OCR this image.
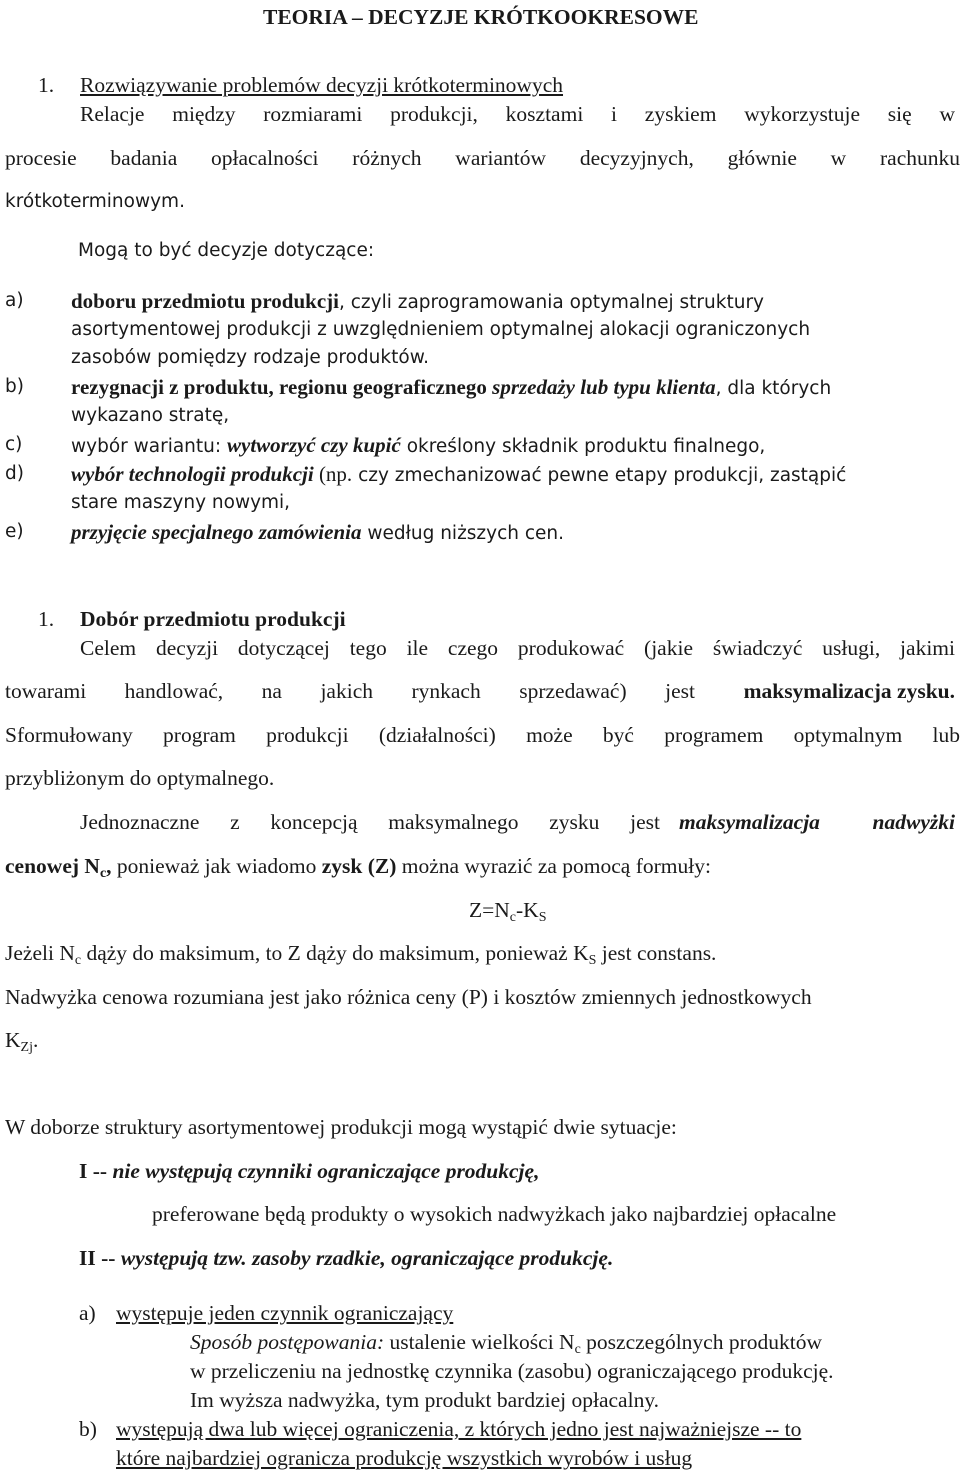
TEORIA – DECYZJE KRÓTKOOKRESOWE
1. Rozwiązywanie problemów decyzji krótkoterminowych
Relacje między rozmiarami produkcji, kosztami i zyskiem wykorzystuje się w
procesie badania opłacalności różnych wariantów decyzyjnych, głównie w rachunku
krótkoterminowym.
Mogą to być decyzje dotyczące:
a) doboru przedmiotu produkcji, czyli zaprogramowania optymalnej struktury
asortymentowej produkcji z uwzględnieniem optymalnej alokacji ograniczonych
zasobów pomiędzy rodzaje produktów.
b) rezygnacji z produktu, regionu geograficznego sprzedaży lub typu klienta, dla których
wykazano stratę,
c)	wybór wariantu: wytworzyć czy kupić określony składnik produktu finalnego,
d) wybór technologii produkcji (np. czy zmechanizować pewne etapy produkcji, zastąpić
stare maszyny nowymi,
e) przyjęcie specjalnego zamówienia według niższych cen.
1. Dobór przedmiotu produkcji
Celem decyzji dotyczącej tego ile czego produkować (jakie świadczyć usługi, jakimi
towarami handlować, na jakich rynkach sprzedawać) jest maksymalizacja zysku.
Sformułowany program produkcji (działalności) może być programem optymalnym lub
przybliżonym do optymalnego.
Jednoznaczne z koncepcją maksymalnego zysku jest maksymalizacja nadwyżki
cenowej $N_c$, ponieważ jak wiadomo zysk (Z) można wyrazić za pomocą formuły:
$Z=N_c-K_S$
Jeżeli $N_c$ dąży do maksimum, to Z dąży do maksimum, ponieważ $K_S$ jest constans.
Nadwyżka cenowa rozumiana jest jako różnica ceny (P) i kosztów zmiennych jednostkowych
$K_{Zj}$.
W doborze struktury asortymentowej produkcji mogą wystąpić dwie sytuacje:
I -- nie występują czynniki ograniczające produkcję,
preferowane będą produkty o wysokich nadwyżkach jako najbardziej opłacalne
II -- występują tzw. zasoby rzadkie, ograniczające produkcję.
a) występuje jeden czynnik ograniczający
Sposób postępowania: ustalenie wielkości $N_c$ poszczególnych produktów
w przeliczeniu na jednostkę czynnika (zasobu) ograniczającego produkcję.
Im wyższa nadwyżka, tym produkt bardziej opłacalny.
b) występują dwa lub więcej ograniczenia, z których jedno jest najważniejsze -- to
które najbardziej ogranicza produkcję wszystkich wyrobów i usług
